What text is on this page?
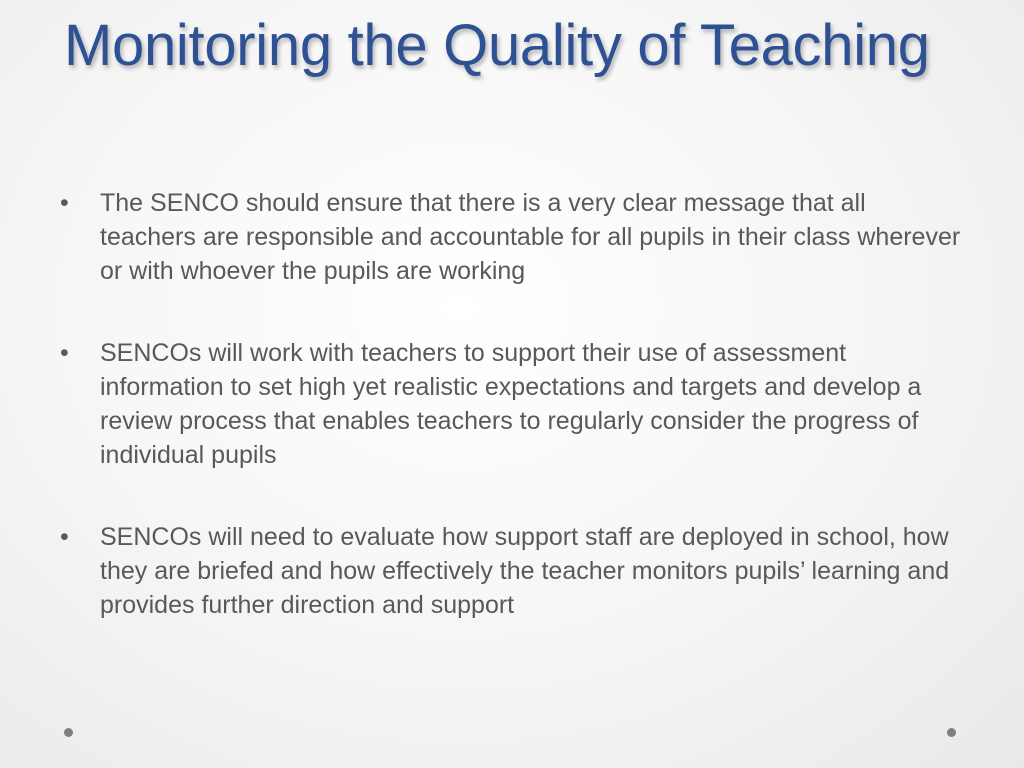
Monitoring the Quality of Teaching
•	The SENCO should ensure that there is a very clear message that all teachers are responsible and accountable for all pupils in their class wherever or with whoever the pupils are working
•	SENCOs will work with teachers to support their use of assessment information to set high yet realistic expectations and targets and develop a review process that enables teachers to regularly consider the progress of individual pupils
•	SENCOs will need to evaluate how support staff are deployed in school, how they are briefed and how effectively the teacher monitors pupils’ learning and provides further direction and support
